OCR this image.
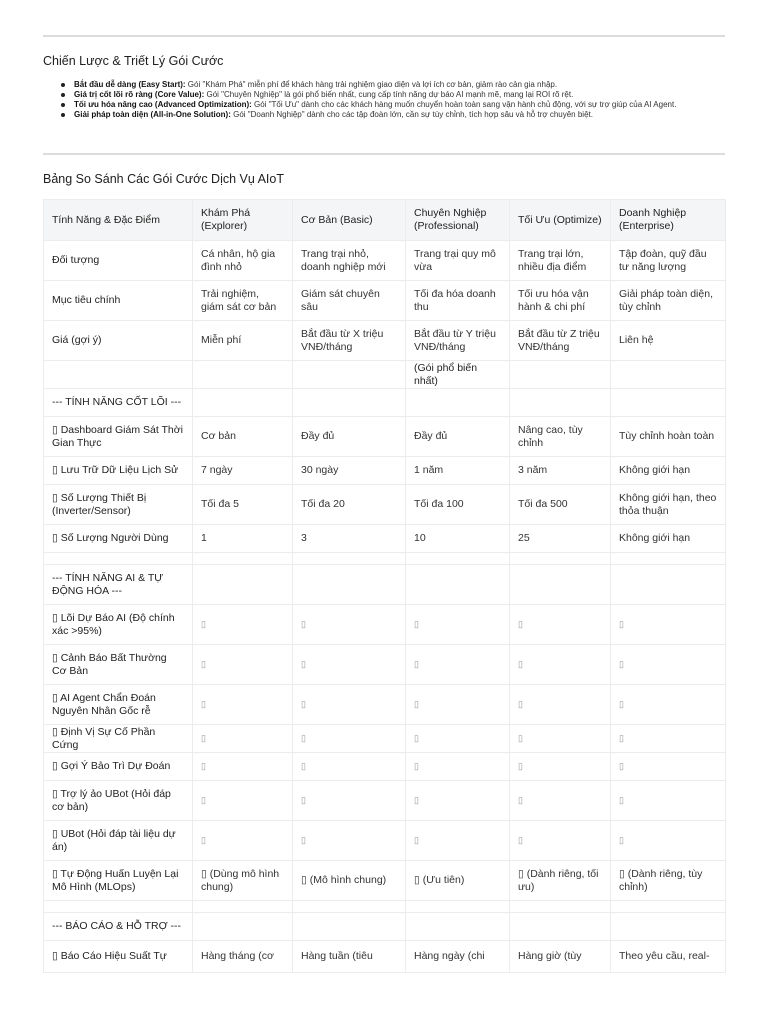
Chiến Lược & Triết Lý Gói Cước
Bắt đầu dễ dàng (Easy Start): Gói "Khám Phá" miễn phí để khách hàng trải nghiệm giao diện và lợi ích cơ bản, giảm rào cản gia nhập.
Giá trị cốt lõi rõ ràng (Core Value): Gói "Chuyên Nghiệp" là gói phổ biến nhất, cung cấp tính năng dự báo AI mạnh mẽ, mang lại ROI rõ rệt.
Tối ưu hóa nâng cao (Advanced Optimization): Gói "Tối Ưu" dành cho các khách hàng muốn chuyển hoàn toàn sang vận hành chủ động, với sự trợ giúp của AI Agent.
Giải pháp toàn diện (All-in-One Solution): Gói "Doanh Nghiệp" dành cho các tập đoàn lớn, cần sự tùy chỉnh, tích hợp sâu và hỗ trợ chuyên biệt.
Bảng So Sánh Các Gói Cước Dịch Vụ AIoT
Tính Năng & Đặc Điểm	Khám Phá (Explorer)	Cơ Bản (Basic)	Chuyên Nghiệp (Professional)	Tối Ưu (Optimize)	Doanh Nghiệp (Enterprise)
Đối tượng	Cá nhân, hộ gia đình nhỏ	Trang trại nhỏ, doanh nghiệp mới	Trang trại quy mô vừa	Trang trại lớn, nhiều địa điểm	Tập đoàn, quỹ đầu tư năng lượng
Mục tiêu chính	Trải nghiệm, giám sát cơ bản	Giám sát chuyên sâu	Tối đa hóa doanh thu	Tối ưu hóa vận hành & chi phí	Giải pháp toàn diện, tùy chỉnh
Giá (gợi ý)	Miễn phí	Bắt đầu từ X triệu VNĐ/tháng	Bắt đầu từ Y triệu VNĐ/tháng	Bắt đầu từ Z triệu VNĐ/tháng	Liên hệ
			(Gói phổ biến nhất)		
--- TÍNH NĂNG CỐT LÕI ---					
▯ Dashboard Giám Sát Thời Gian Thực	Cơ bản	Đầy đủ	Đầy đủ	Nâng cao, tùy chỉnh	Tùy chỉnh hoàn toàn
▯ Lưu Trữ Dữ Liệu Lịch Sử	7 ngày	30 ngày	1 năm	3 năm	Không giới hạn
▯ Số Lượng Thiết Bị (Inverter/Sensor)	Tối đa 5	Tối đa 20	Tối đa 100	Tối đa 500	Không giới hạn, theo thỏa thuận
▯ Số Lượng Người Dùng	1	3	10	25	Không giới hạn

--- TÍNH NĂNG AI & TỰ ĐỘNG HÓA ---					
▯ Lõi Dự Báo AI (Độ chính xác >95%)	▯	▯	▯	▯	▯
▯ Cảnh Báo Bất Thường Cơ Bản	▯	▯	▯	▯	▯
▯ AI Agent Chẩn Đoán Nguyên Nhân Gốc rễ	▯	▯	▯	▯	▯
▯ Định Vị Sự Cố Phần Cứng	▯	▯	▯	▯	▯
▯ Gợi Ý Bảo Trì Dự Đoán	▯	▯	▯	▯	▯
▯ Trợ lý ảo UBot (Hỏi đáp cơ bản)	▯	▯	▯	▯	▯
▯ UBot (Hỏi đáp tài liệu dự án)	▯	▯	▯	▯	▯
▯ Tự Động Huấn Luyện Lại Mô Hình (MLOps)	▯ (Dùng mô hình chung)	▯ (Mô hình chung)	▯ (Ưu tiên)	▯ (Dành riêng, tối ưu)	▯ (Dành riêng, tùy chỉnh)

--- BÁO CÁO & HỖ TRỢ ---					
▯ Báo Cáo Hiệu Suất Tự	Hàng tháng (cơ	Hàng tuần (tiêu	Hàng ngày (chi	Hàng giờ (tùy	Theo yêu cầu, real-
